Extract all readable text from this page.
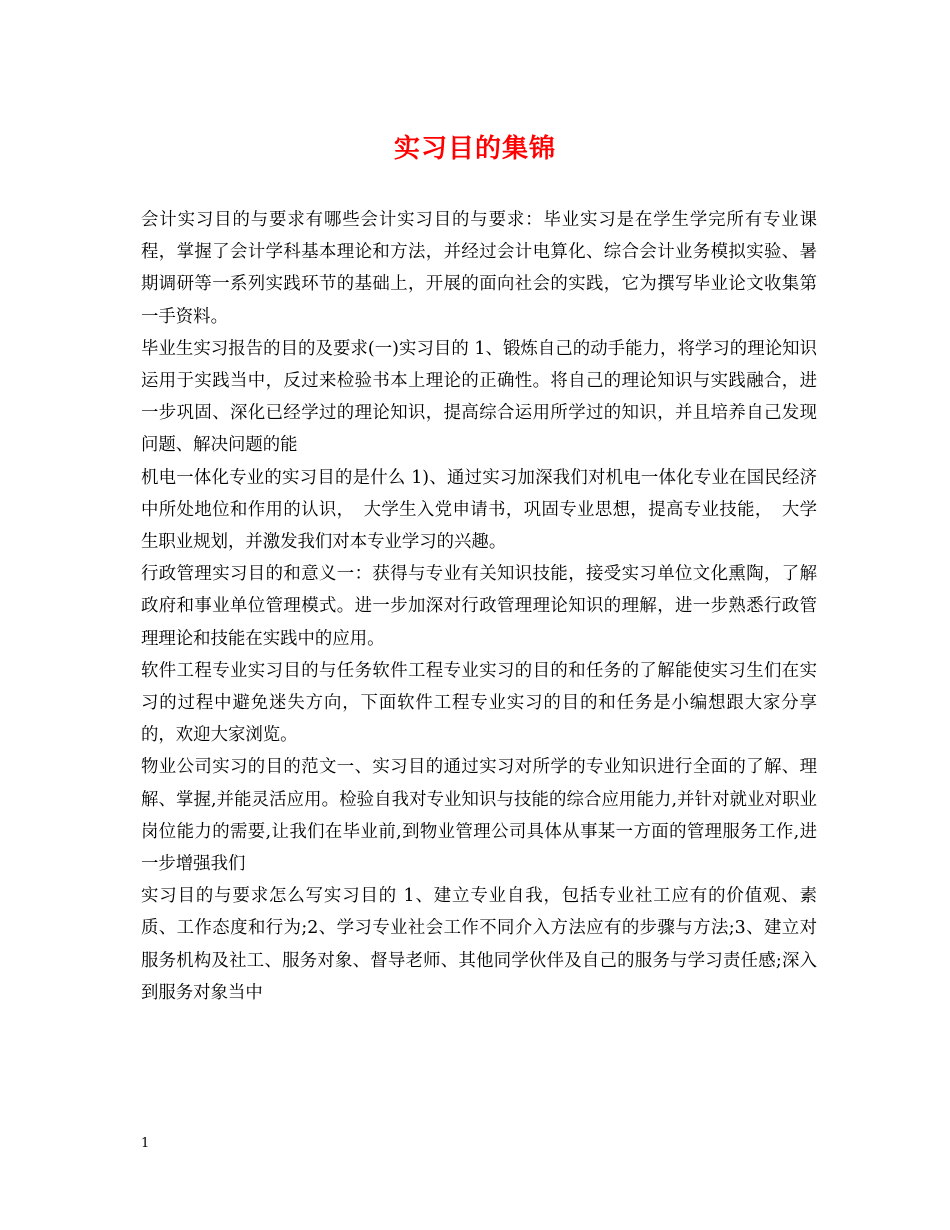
实习目的集锦

会计实习目的与要求有哪些会计实习目的与要求：毕业实习是在学生学完所有专业课程，掌握了会计学科基本理论和方法，并经过会计电算化、综合会计业务模拟实验、暑期调研等一系列实践环节的基础上，开展的面向社会的实践，它为撰写毕业论文收集第一手资料。

毕业生实习报告的目的及要求(一)实习目的 1、锻炼自己的动手能力，将学习的理论知识运用于实践当中，反过来检验书本上理论的正确性。将自己的理论知识与实践融合，进一步巩固、深化已经学过的理论知识，提高综合运用所学过的知识，并且培养自己发现问题、解决问题的能

机电一体化专业的实习目的是什么 1)、通过实习加深我们对机电一体化专业在国民经济中所处地位和作用的认识，　大学生入党申请书，巩固专业思想，提高专业技能，　大学生职业规划，并激发我们对本专业学习的兴趣。

行政管理实习目的和意义一：获得与专业有关知识技能，接受实习单位文化熏陶，了解政府和事业单位管理模式。进一步加深对行政管理理论知识的理解，进一步熟悉行政管理理论和技能在实践中的应用。

软件工程专业实习目的与任务软件工程专业实习的目的和任务的了解能使实习生们在实习的过程中避免迷失方向，下面软件工程专业实习的目的和任务是小编想跟大家分享的，欢迎大家浏览。

物业公司实习的目的范文一、实习目的通过实习对所学的专业知识进行全面的了解、理解、掌握,并能灵活应用。检验自我对专业知识与技能的综合应用能力,并针对就业对职业岗位能力的需要,让我们在毕业前,到物业管理公司具体从事某一方面的管理服务工作,进一步增强我们

实习目的与要求怎么写实习目的 1、建立专业自我，包括专业社工应有的价值观、素质、工作态度和行为;2、学习专业社会工作不同介入方法应有的步骤与方法;3、建立对服务机构及社工、服务对象、督导老师、其他同学伙伴及自己的服务与学习责任感;深入到服务对象当中

1
